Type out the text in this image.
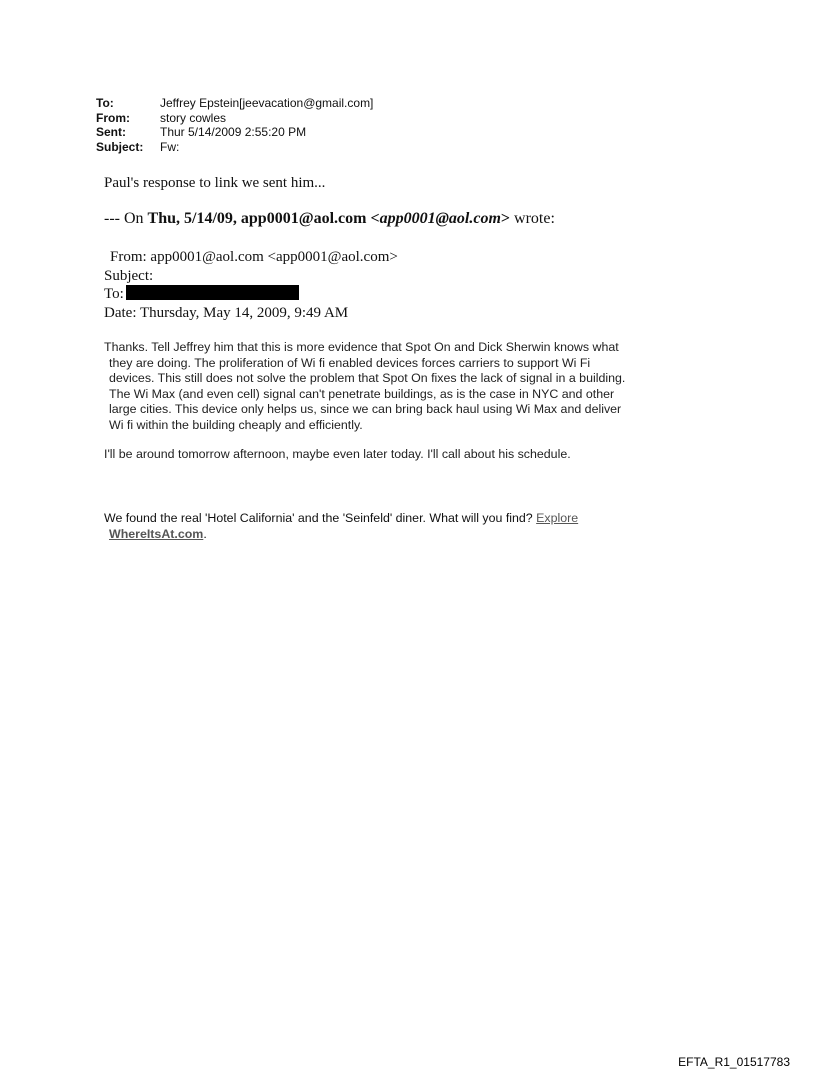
To:	Jeffrey Epstein[jeevacation@gmail.com]
From:	story cowles
Sent:	Thur 5/14/2009 2:55:20 PM
Subject:	Fw:
Paul's response to link we sent him...
--- On Thu, 5/14/09, app0001@aol.com <app0001@aol.com> wrote:
From: app0001@aol.com <app0001@aol.com>
Subject:
To:
Date: Thursday, May 14, 2009, 9:49 AM
Thanks. Tell Jeffrey him that this is more evidence that Spot On and Dick Sherwin knows what
they are doing. The proliferation of Wi fi enabled devices forces carriers to support Wi Fi
devices. This still does not solve the problem that Spot On fixes the lack of signal in a building.
The Wi Max (and even cell) signal can't penetrate buildings, as is the case in NYC and other
large cities. This device only helps us, since we can bring back haul using Wi Max and deliver
Wi fi within the building cheaply and efficiently.
I'll be around tomorrow afternoon, maybe even later today. I'll call about his schedule.
We found the real 'Hotel California' and the 'Seinfeld' diner. What will you find? Explore
WhereItsAt.com.
EFTA_R1_01517783
